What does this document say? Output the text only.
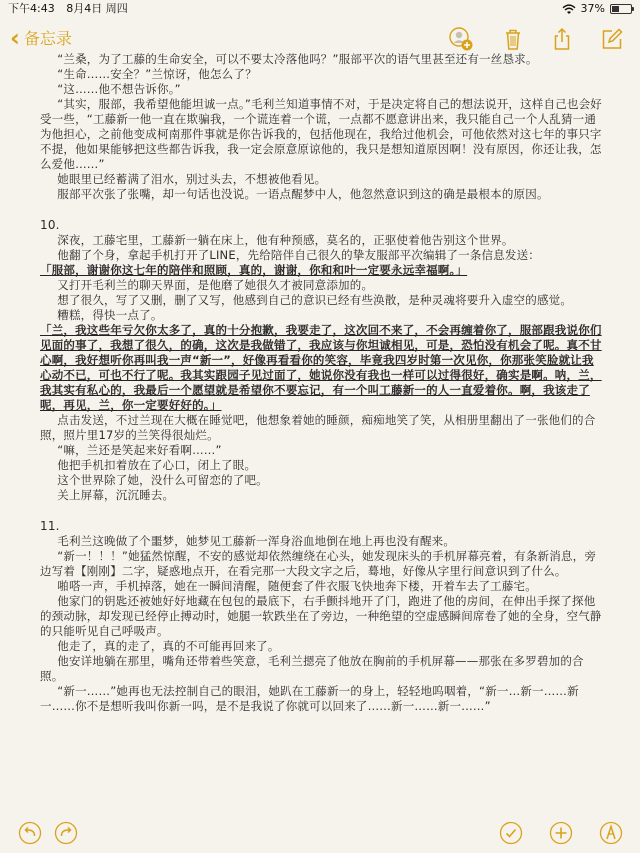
下午4:43 8月4日 周四	37%
‹ 备忘录

“兰桑，为了工藤的生命安全，可以不要太冷落他吗？”服部平次的语气里甚至还有一丝恳求。

“生命……安全？”兰惊讶，他怎么了？

“这……他不想告诉你。”

“其实，服部，我希望他能坦诚一点。”毛利兰知道事情不对，于是决定将自己的想法说开，这样自己也会好受一些，“工藤新一他一直在欺骗我，一个谎连着一个谎，一点都不愿意讲出来，我只能自己一个人乱猜一通为他担心，之前他变成柯南那件事就是你告诉我的，包括他现在，我给过他机会，可他依然对这七年的事只字不提，他如果能够把这些都告诉我，我一定会原意原谅他的，我只是想知道原因啊！没有原因，你还让我，怎么爱他……”

她眼里已经蓄满了泪水，别过头去，不想被他看见。

服部平次张了张嘴，却一句话也没说。一语点醒梦中人，他忽然意识到这的确是最根本的原因。

10.

深夜，工藤宅里，工藤新一躺在床上，他有种预感，莫名的，正驱使着他告别这个世界。

他翻了个身，拿起手机打开了LINE，先给陪伴自己很久的挚友服部平次编辑了一条信息发送：

「服部，谢谢你这七年的陪伴和照顾，真的，谢谢，你和和叶一定要永远幸福啊。」

又打开毛利兰的聊天界面，是他磨了她很久才被同意添加的。

想了很久，写了又删，删了又写，他感到自己的意识已经有些涣散，是种灵魂将要升入虚空的感觉。

糟糕，得快一点了。

「兰，我这些年亏欠你太多了，真的十分抱歉，我要走了，这次回不来了，不会再缠着你了，服部跟我说你们见面的事了，我想了很久，的确，这次是我做错了，我应该与你坦诚相见，可是，恐怕没有机会了呢。真不甘心啊，我好想听你再叫我一声“新一”，好像再看看你的笑容，毕竟我四岁时第一次见你，你那张笑脸就让我心动不已，可也不行了呢。我其实跟园子见过面了，她说你没有我也一样可以过得很好，确实是啊。呐，兰，我其实有私心的，我最后一个愿望就是希望你不要忘记，有一个叫工藤新一的人一直爱着你。啊，我该走了呢，再见，兰，你一定要好好的。」

点击发送，不过兰现在大概在睡觉吧，他想象着她的睡颜，痴痴地笑了笑，从相册里翻出了一张他们的合照，照片里17岁的兰笑得很灿烂。

“嘛，兰还是笑起来好看啊……”

他把手机扣着放在了心口，闭上了眼。

这个世界除了她，没什么可留恋的了吧。

关上屏幕，沉沉睡去。

11.

毛利兰这晚做了个噩梦，她梦见工藤新一浑身浴血地倒在地上再也没有醒来。

“新一！！！”她猛然惊醒，不安的感觉却依然缠绕在心头，她发现床头的手机屏幕亮着，有条新消息，旁边写着【刚刚】二字，疑惑地点开，在看完那一大段文字之后，蓦地，好像从字里行间意识到了什么。

啪嗒一声，手机掉落，她在一瞬间清醒，随便套了件衣服飞快地奔下楼，开着车去了工藤宅。

他家门的钥匙还被她好好地藏在包包的最底下，右手颤抖地开了门，跑进了他的房间，在伸出手探了探他的颈动脉，却发现已经停止搏动时，她腿一软跌坐在了旁边，一种绝望的空虚感瞬间席卷了她的全身，空气静的只能听见自己呼吸声。

他走了，真的走了，真的不可能再回来了。

他安详地躺在那里，嘴角还带着些笑意，毛利兰摁亮了他放在胸前的手机屏幕——那张在多罗碧加的合照。

“新一……”她再也无法控制自己的眼泪，她趴在工藤新一的身上，轻轻地呜咽着，“新一…新一……新一……你不是想听我叫你新一吗，是不是我说了你就可以回来了……新一……新一……”
